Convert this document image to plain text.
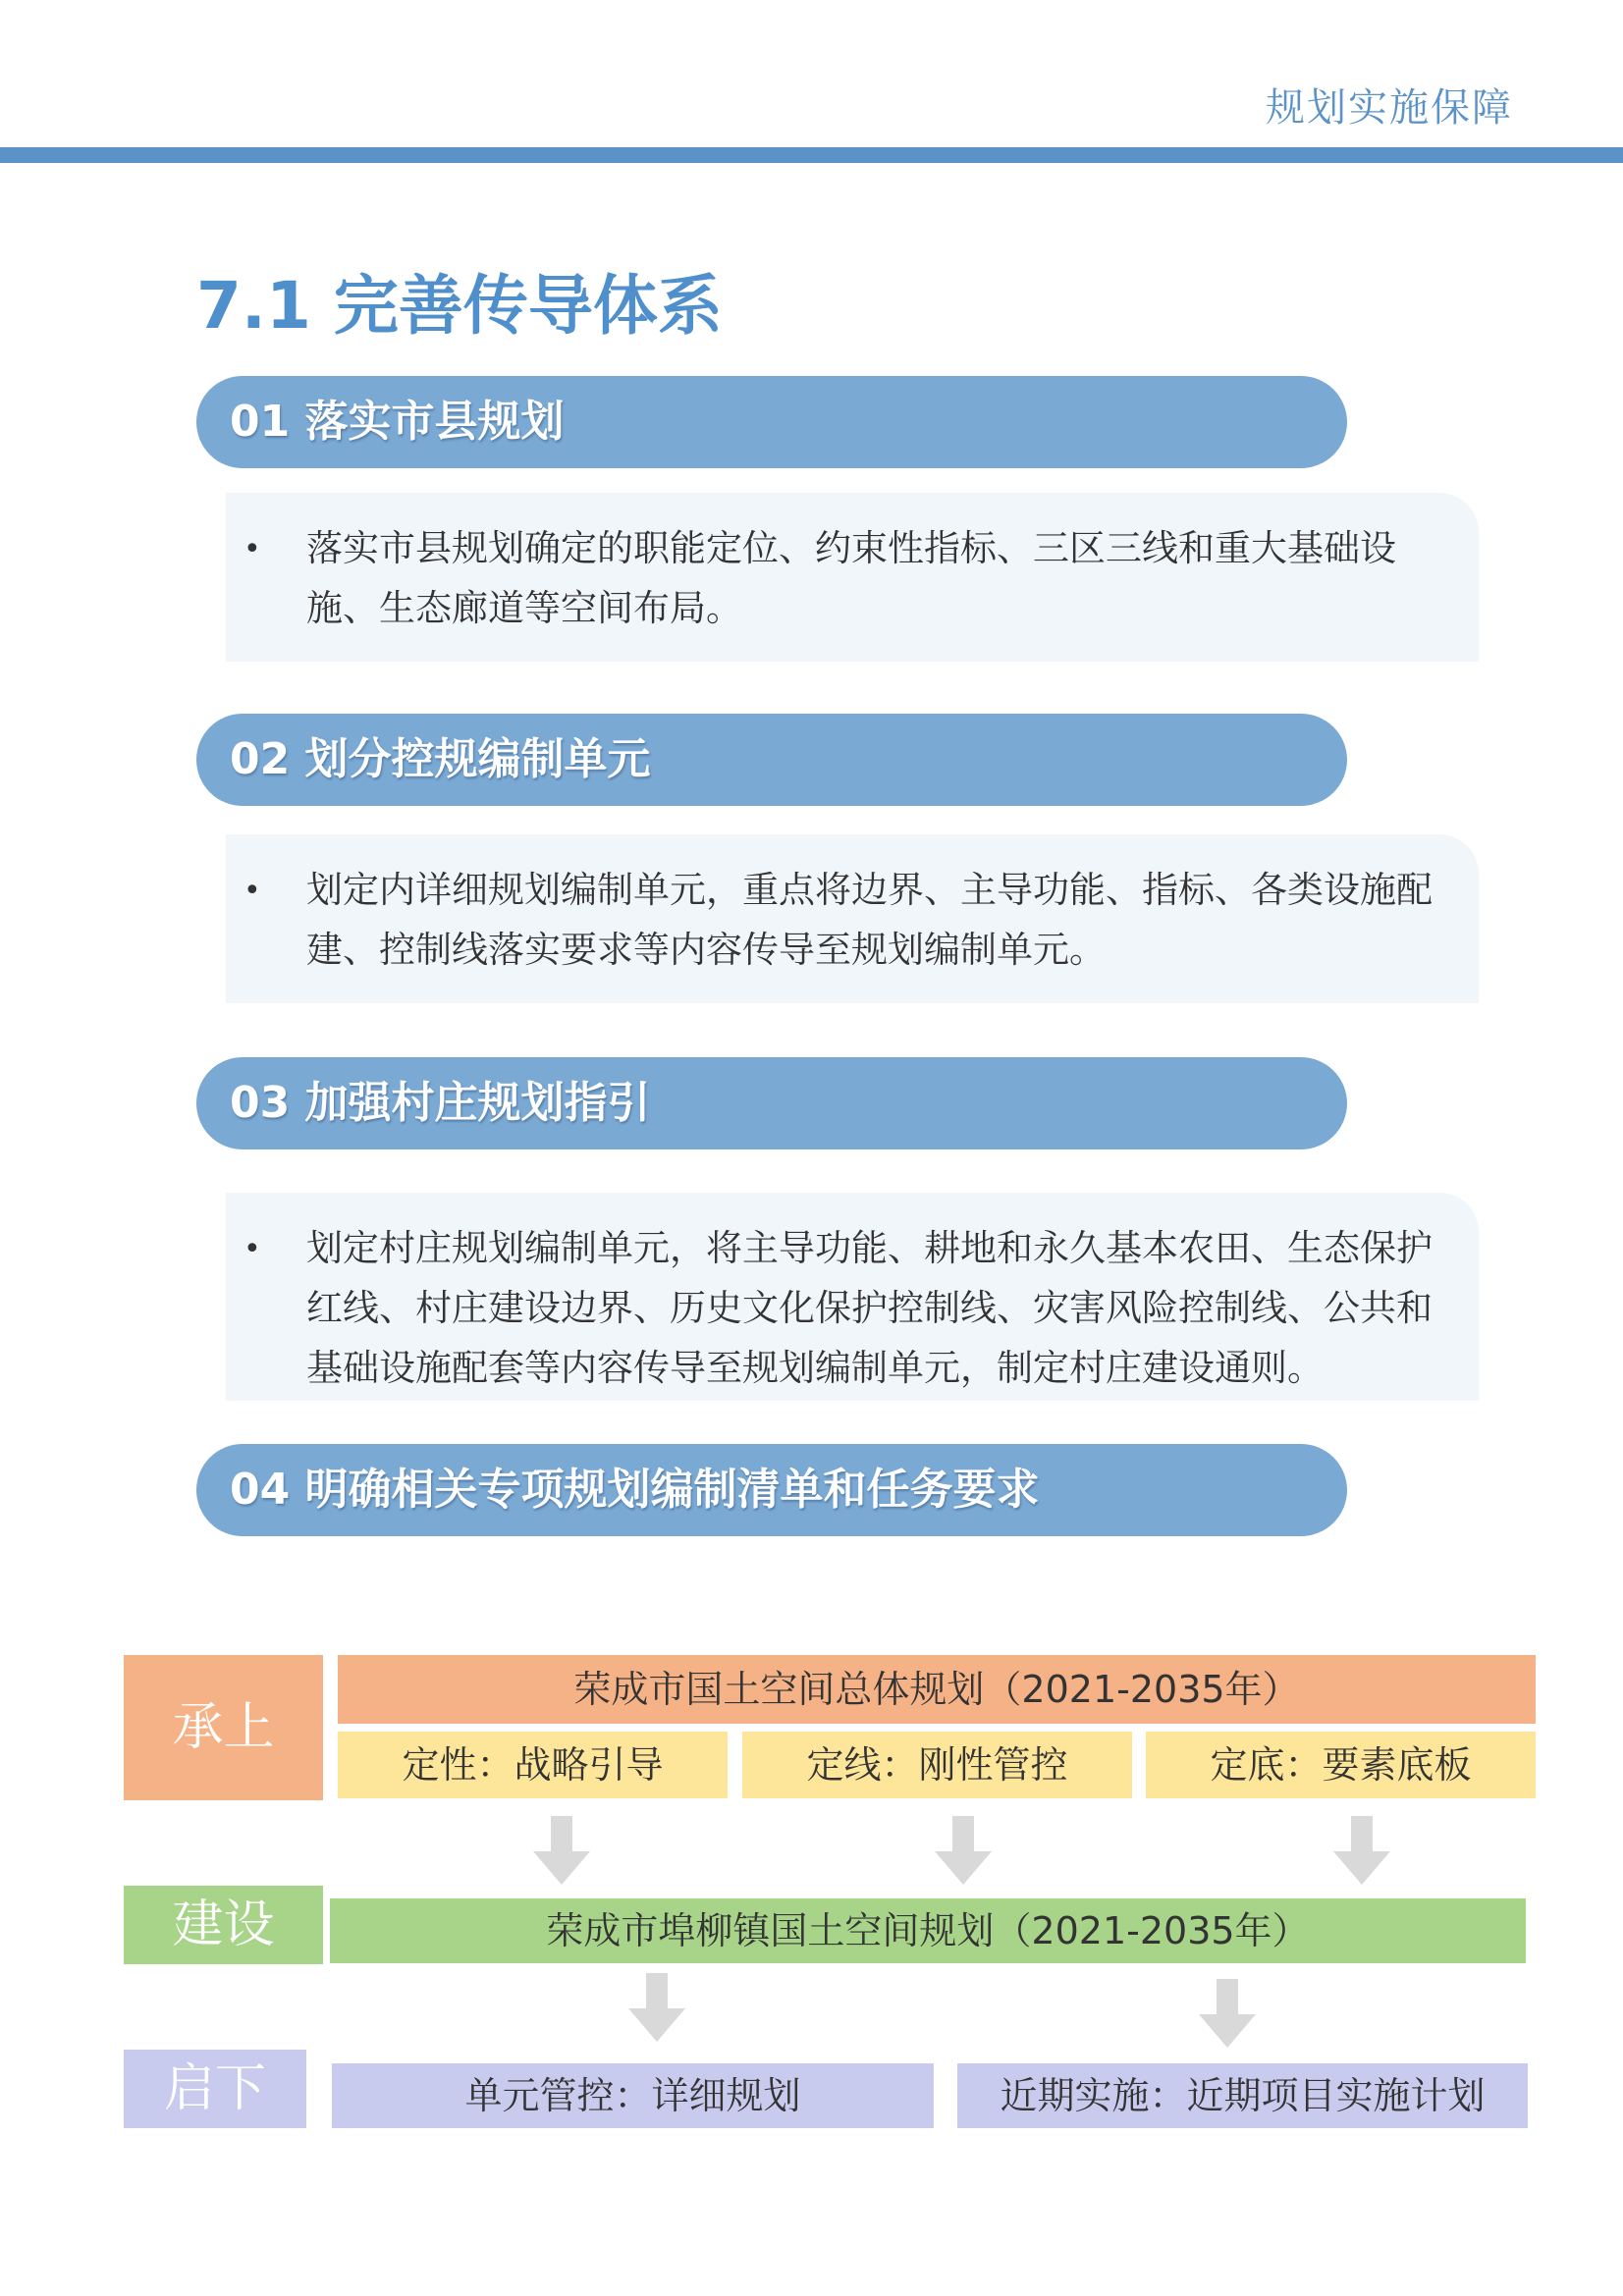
规划实施保障
7.1 完善传导体系
01 落实市县规划
• 落实市县规划确定的职能定位、约束性指标、三区三线和重大基础设施、生态廊道等空间布局。
02 划分控规编制单元
• 划定内详细规划编制单元，重点将边界、主导功能、指标、各类设施配建、控制线落实要求等内容传导至规划编制单元。
03 加强村庄规划指引
• 划定村庄规划编制单元，将主导功能、耕地和永久基本农田、生态保护红线、村庄建设边界、历史文化保护控制线、灾害风险控制线、公共和基础设施配套等内容传导至规划编制单元，制定村庄建设通则。
04 明确相关专项规划编制清单和任务要求
承上
荣成市国土空间总体规划（2021-2035年）
定性：战略引导	定线：刚性管控	定底：要素底板
建设	荣成市埠柳镇国土空间规划（2021-2035年）
启下	单元管控：详细规划	近期实施：近期项目实施计划
